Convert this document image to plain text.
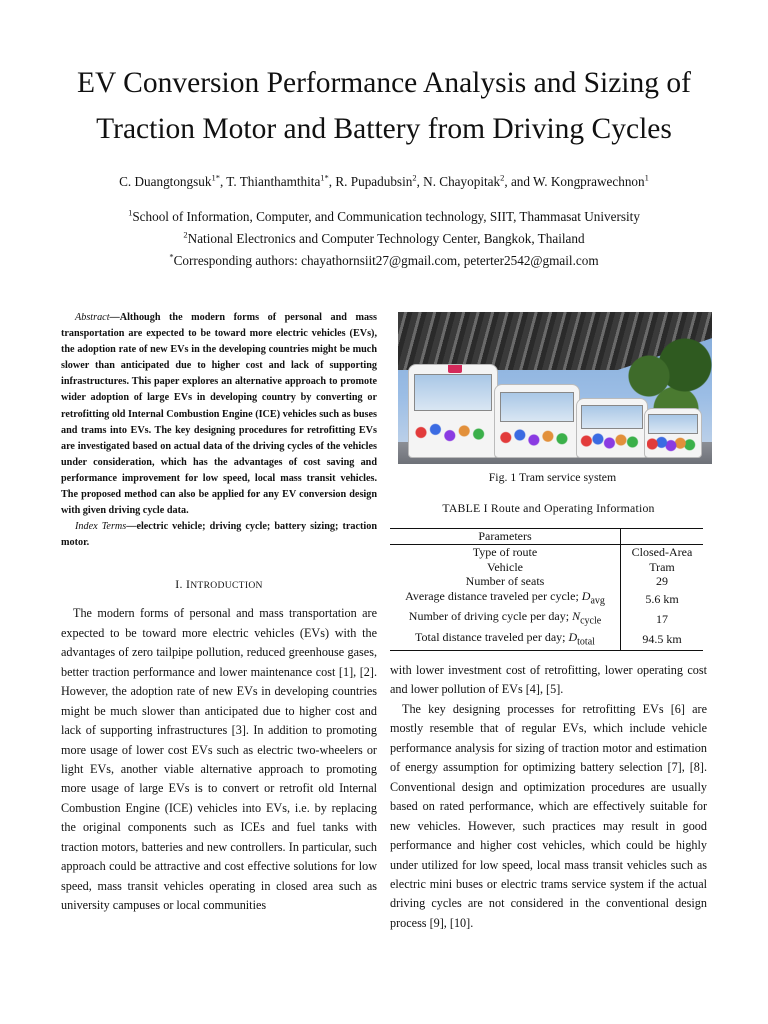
EV Conversion Performance Analysis and Sizing of
Traction Motor and Battery from Driving Cycles
C. Duangtongsuk$^{1*}$, T. Thianthamthita$^{1*}$, R. Pupadubsin$^2$, N. Chayopitak$^2$, and W. Kongprawechnon$^1$
$^1$School of Information, Computer, and Communication technology, SIIT, Thammasat University
$^2$National Electronics and Computer Technology Center, Bangkok, Thailand
*Corresponding authors: chayathornsiit27@gmail.com, peterter2542@gmail.com

Abstract—Although the modern forms of personal and mass transportation are expected to be toward more electric vehicles (EVs), the adoption rate of new EVs in the developing countries might be much slower than anticipated due to higher cost and lack of supporting infrastructures. This paper explores an alternative approach to promote wider adoption of large EVs in developing country by converting or retrofitting old Internal Combustion Engine (ICE) vehicles such as buses and trams into EVs. The key designing procedures for retrofitting EVs are investigated based on actual data of the driving cycles of the vehicles under consideration, which has the advantages of cost saving and performance improvement for low speed, local mass transit vehicles. The proposed method can also be applied for any EV conversion design with given driving cycle data.

Index Terms—electric vehicle; driving cycle; battery sizing; traction motor.

I. INTRODUCTION

The modern forms of personal and mass transportation are expected to be toward more electric vehicles (EVs) with the advantages of zero tailpipe pollution, reduced greenhouse gases, better traction performance and lower maintenance cost [1], [2]. However, the adoption rate of new EVs in developing countries might be much slower than anticipated due to higher cost and lack of supporting infrastructures [3]. In addition to promoting more usage of lower cost EVs such as electric two-wheelers or light EVs, another viable alternative approach to promoting more usage of large EVs is to convert or retrofit old Internal Combustion Engine (ICE) vehicles into EVs, i.e. by replacing the original components such as ICEs and fuel tanks with traction motors, batteries and new controllers. In particular, such approach could be attractive and cost effective solutions for low speed, mass transit vehicles operating in closed area such as university campuses or local communities

Fig. 1 Tram service system
TABLE I Route and Operating Information
Parameters	
Type of route	Closed-Area
Vehicle	Tram
Number of seats	29
Average distance traveled per cycle; $D_{avg}$	5.6 km
Number of driving cycle per day; $N_{cycle}$	17
Total distance traveled per day; $D_{total}$	94.5 km

with lower investment cost of retrofitting, lower operating cost and lower pollution of EVs [4], [5].

The key designing processes for retrofitting EVs [6] are mostly resemble that of regular EVs, which include vehicle performance analysis for sizing of traction motor and estimation of energy assumption for optimizing battery selection [7], [8]. Conventional design and optimization procedures are usually based on rated performance, which are effectively suitable for new vehicles. However, such practices may result in good performance and higher cost vehicles, which could be highly under utilized for low speed, local mass transit vehicles such as electric mini buses or electric trams service system if the actual driving cycles are not considered in the conventional design process [9], [10].
